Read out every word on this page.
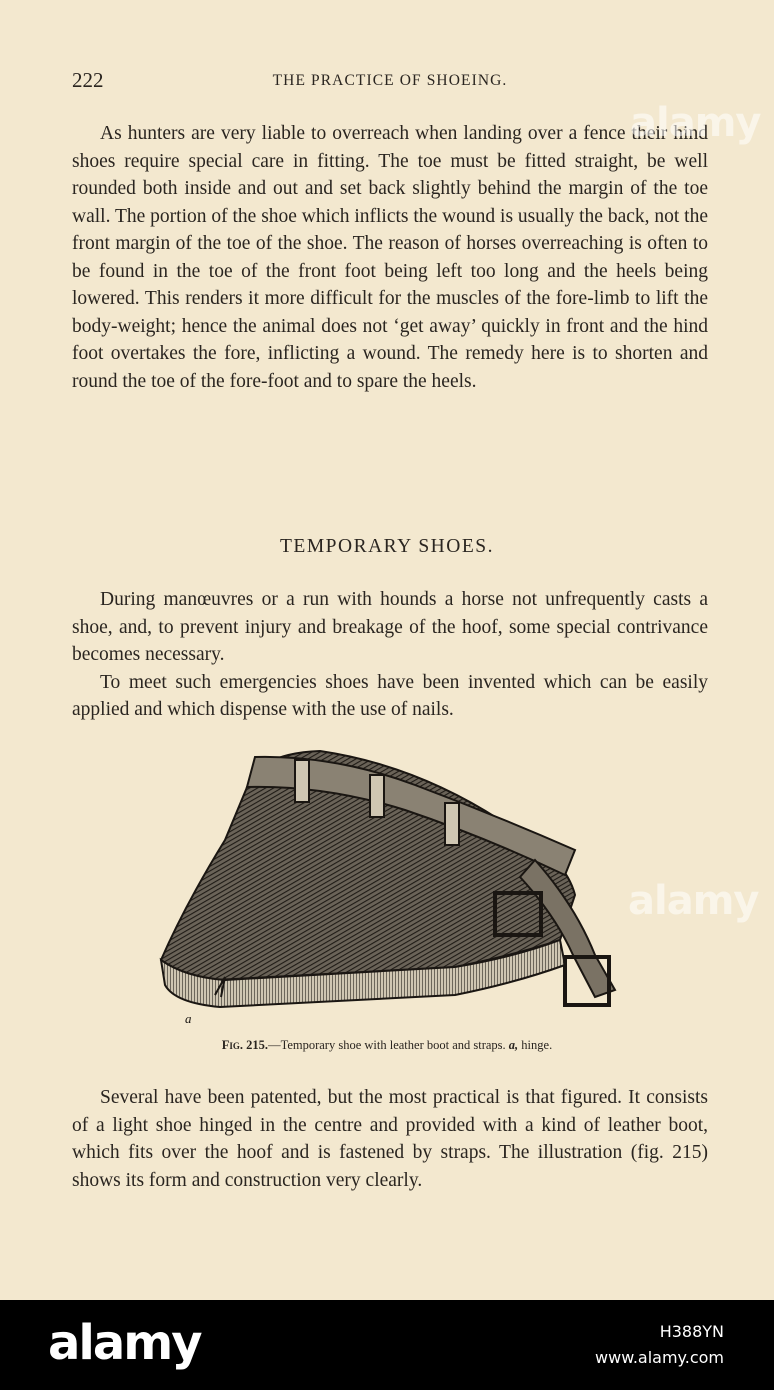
222	THE PRACTICE OF SHOEING.

As hunters are very liable to overreach when landing over a fence their hind shoes require special care in fitting. The toe must be fitted straight, be well rounded both inside and out and set back slightly behind the margin of the toe wall. The portion of the shoe which inflicts the wound is usually the back, not the front margin of the toe of the shoe. The reason of horses overreaching is often to be found in the toe of the front foot being left too long and the heels being lowered. This renders it more difficult for the muscles of the fore-limb to lift the body-weight; hence the animal does not ‘get away’ quickly in front and the hind foot overtakes the fore, inflicting a wound. The remedy here is to shorten and round the toe of the fore-foot and to spare the heels.

TEMPORARY SHOES.

During manœuvres or a run with hounds a horse not unfrequently casts a shoe, and, to prevent injury and breakage of the hoof, some special contrivance becomes necessary.

To meet such emergencies shoes have been invented which can be easily applied and which dispense with the use of nails.

a
Fig. 215.—Temporary shoe with leather boot and straps. a, hinge.

Several have been patented, but the most practical is that figured. It consists of a light shoe hinged in the centre and provided with a kind of leather boot, which fits over the hoof and is fastened by straps. The illustration (fig. 215) shows its form and construction very clearly.

alamy
alamy
alamy	H388YN
www.alamy.com
